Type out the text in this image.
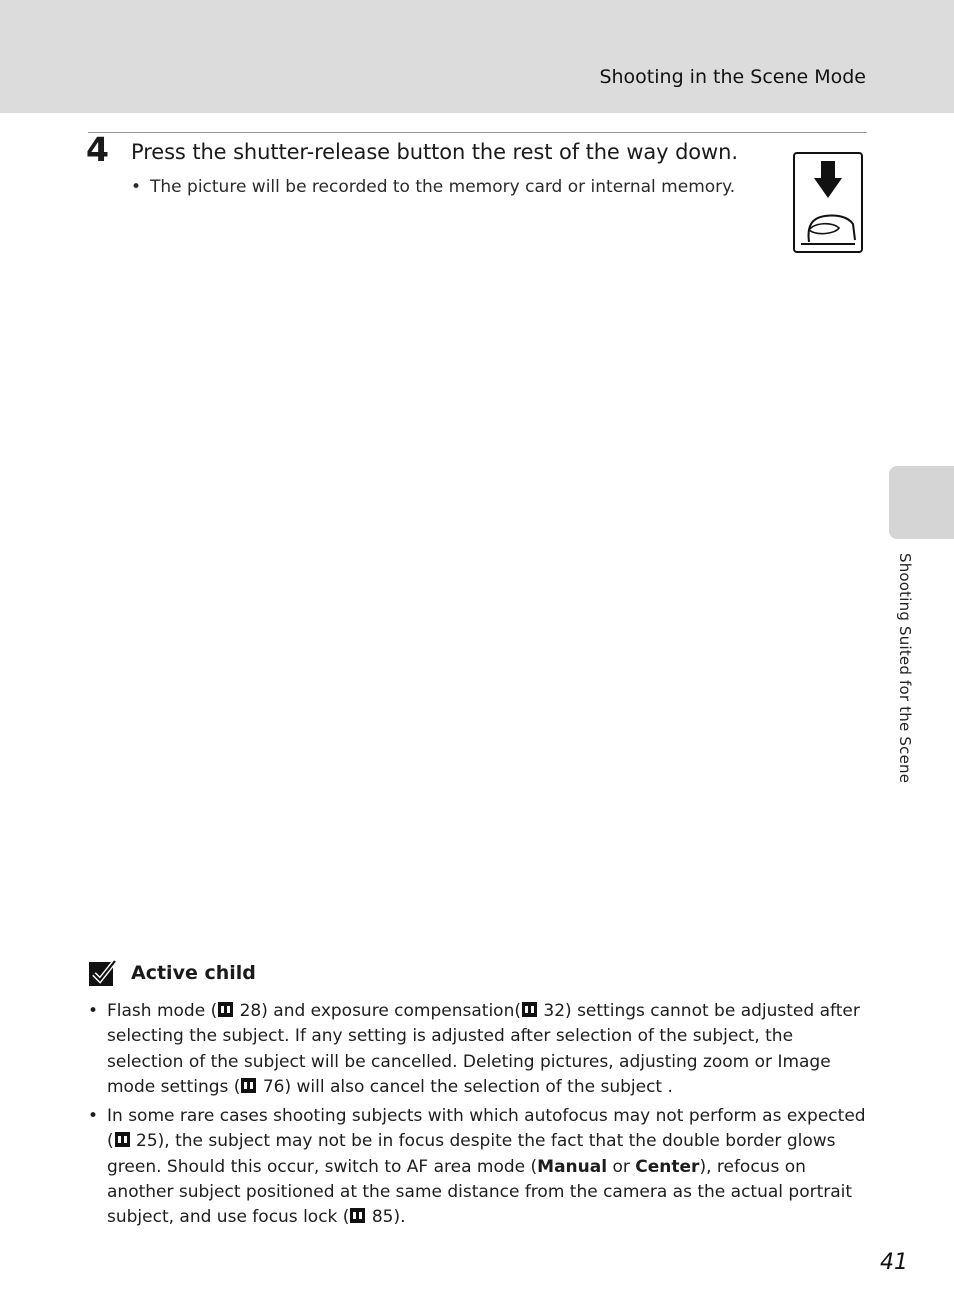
Shooting in the Scene Mode
4 Press the shutter-release button the rest of the way down.
• The picture will be recorded to the memory card or internal memory.
Shooting Suited for the Scene
Active child
• Flash mode ( 28) and exposure compensation( 32) settings cannot be adjusted after selecting the subject. If any setting is adjusted after selection of the subject, the selection of the subject will be cancelled. Deleting pictures, adjusting zoom or Image mode settings ( 76) will also cancel the selection of the subject .
• In some rare cases shooting subjects with which autofocus may not perform as expected ( 25), the subject may not be in focus despite the fact that the double border glows green. Should this occur, switch to AF area mode (Manual or Center), refocus on another subject positioned at the same distance from the camera as the actual portrait subject, and use focus lock ( 85).
41
